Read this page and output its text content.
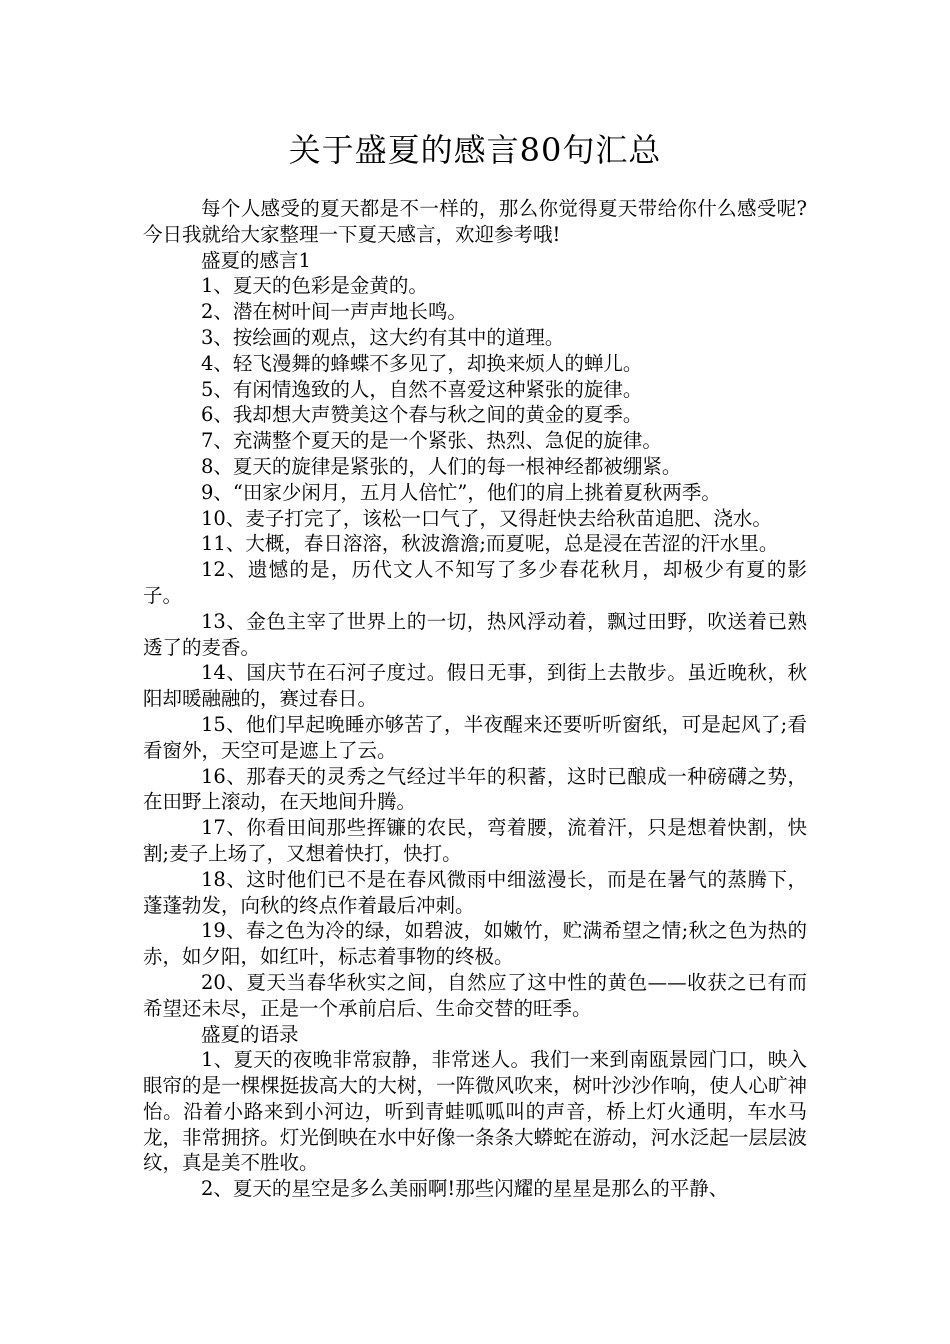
关于盛夏的感言80句汇总

每个人感受的夏天都是不一样的，那么你觉得夏天带给你什么感受呢?今日我就给大家整理一下夏天感言，欢迎参考哦!

盛夏的感言1

1、夏天的色彩是金黄的。

2、潜在树叶间一声声地长鸣。

3、按绘画的观点，这大约有其中的道理。

4、轻飞漫舞的蜂蝶不多见了，却换来烦人的蝉儿。

5、有闲情逸致的人，自然不喜爱这种紧张的旋律。

6、我却想大声赞美这个春与秋之间的黄金的夏季。

7、充满整个夏天的是一个紧张、热烈、急促的旋律。

8、夏天的旋律是紧张的，人们的每一根神经都被绷紧。

9、“田家少闲月，五月人倍忙”，他们的肩上挑着夏秋两季。

10、麦子打完了，该松一口气了，又得赶快去给秋苗追肥、浇水。

11、大概，春日溶溶，秋波澹澹;而夏呢，总是浸在苦涩的汗水里。

12、遗憾的是，历代文人不知写了多少春花秋月，却极少有夏的影子。

13、金色主宰了世界上的一切，热风浮动着，飘过田野，吹送着已熟透了的麦香。

14、国庆节在石河子度过。假日无事，到街上去散步。虽近晚秋，秋阳却暖融融的，赛过春日。

15、他们早起晚睡亦够苦了，半夜醒来还要听听窗纸，可是起风了;看看窗外，天空可是遮上了云。

16、那春天的灵秀之气经过半年的积蓄，这时已酿成一种磅礴之势，在田野上滚动，在天地间升腾。

17、你看田间那些挥镰的农民，弯着腰，流着汗，只是想着快割，快割;麦子上场了，又想着快打，快打。

18、这时他们已不是在春风微雨中细滋漫长，而是在暑气的蒸腾下，蓬蓬勃发，向秋的终点作着最后冲刺。

19、春之色为冷的绿，如碧波，如嫩竹，贮满希望之情;秋之色为热的赤，如夕阳，如红叶，标志着事物的终极。

20、夏天当春华秋实之间，自然应了这中性的黄色——收获之已有而希望还未尽，正是一个承前启后、生命交替的旺季。

盛夏的语录

1、夏天的夜晚非常寂静，非常迷人。我们一来到南瓯景园门口，映入眼帘的是一棵棵挺拔高大的大树，一阵微风吹来，树叶沙沙作响，使人心旷神怡。沿着小路来到小河边，听到青蛙呱呱叫的声音，桥上灯火通明，车水马龙，非常拥挤。灯光倒映在水中好像一条条大蟒蛇在游动，河水泛起一层层波纹，真是美不胜收。

2、夏天的星空是多么美丽啊!那些闪耀的星星是那么的平静、
